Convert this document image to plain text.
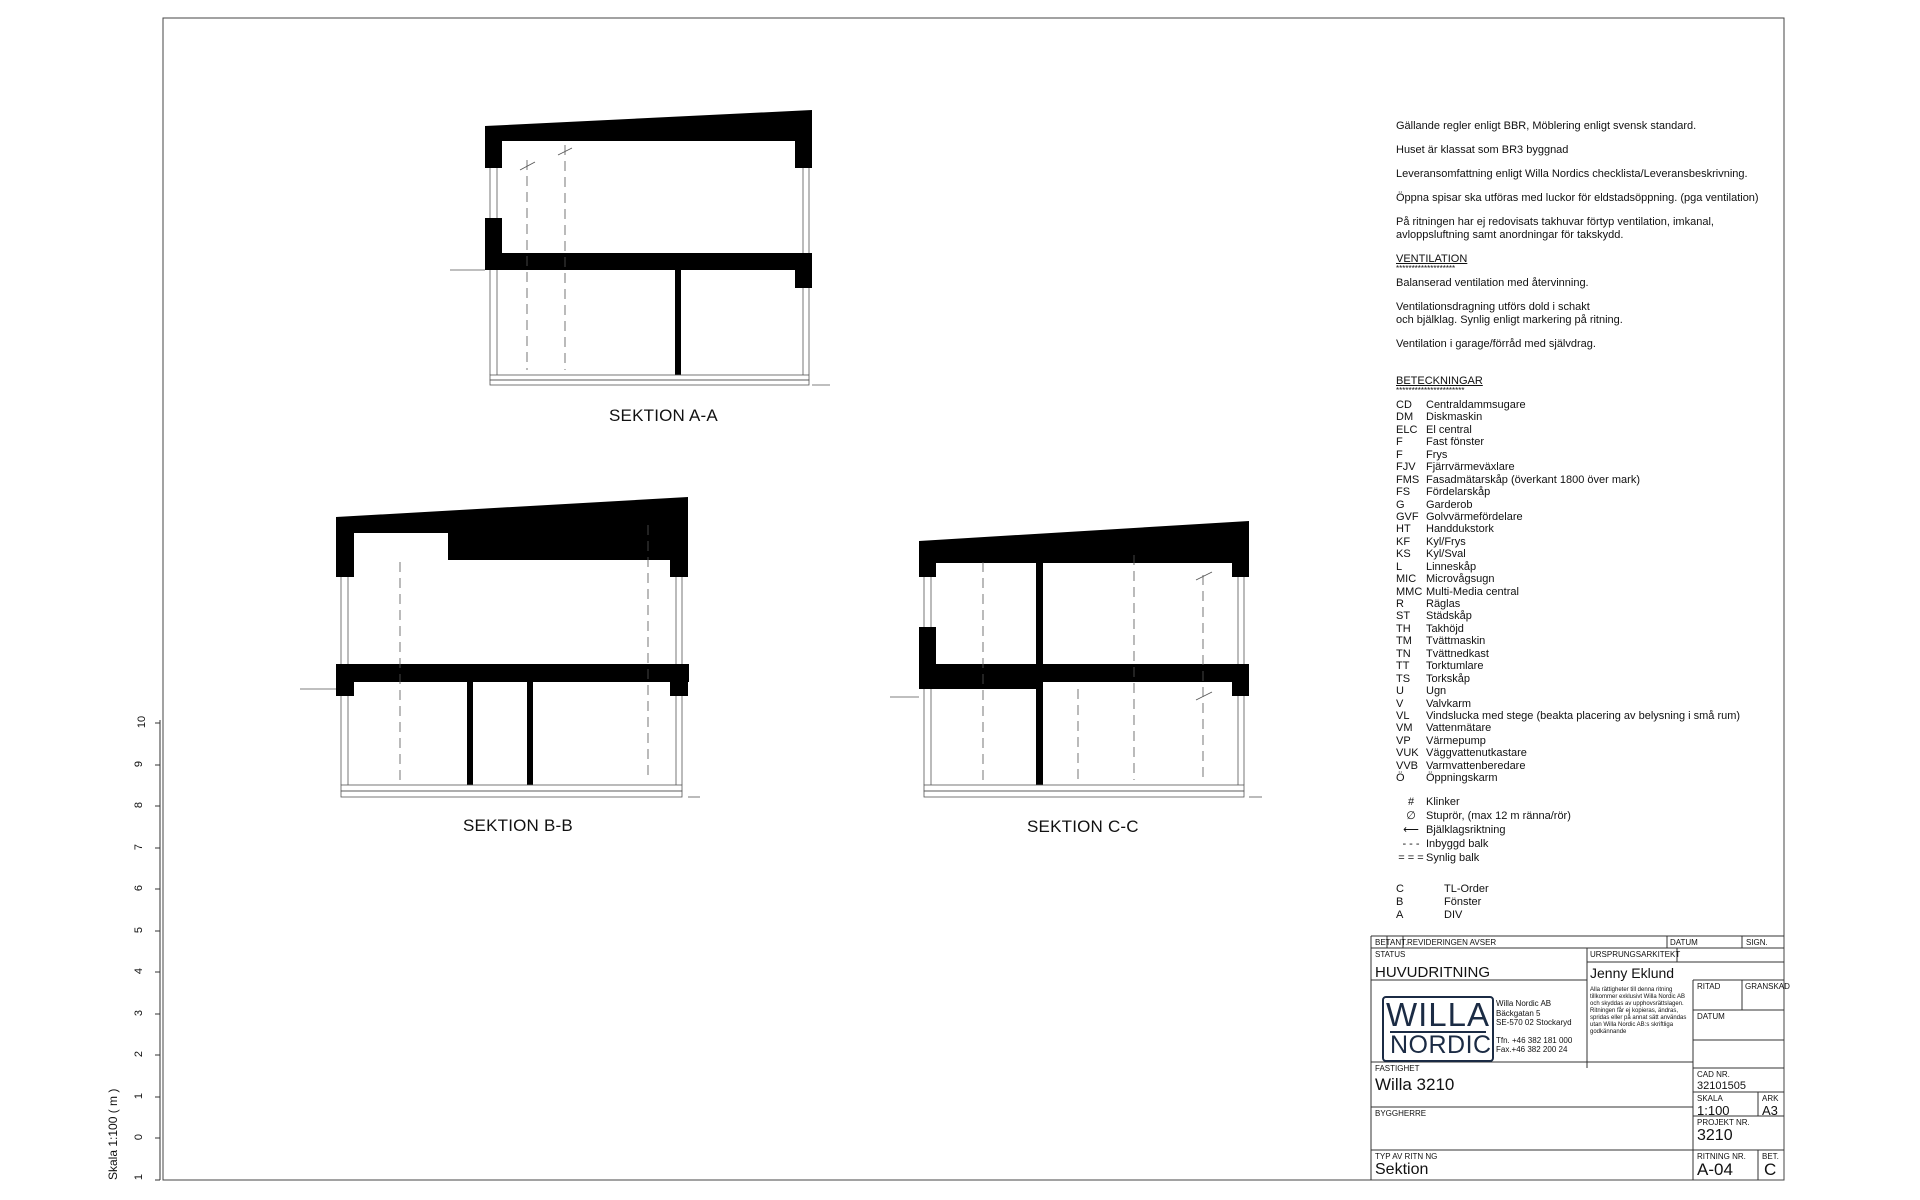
SEKTION A-A
SEKTION B-B	SEKTION C-C

Gällande regler enligt BBR, Möblering enligt svensk standard.

Huset är klassat som BR3 byggnad

Leveransomfattning enligt Willa Nordics checklista/Leveransbeskrivning.

Öppna spisar ska utföras med luckor för eldstadsöppning. (pga ventilation)

På ritningen har ej redovisats takhuvar förtyp ventilation, imkanal,
avloppsluftning samt anordningar för takskydd.

VENTILATION

*******************

Balanserad ventilation med återvinning.

Ventilationsdragning utförs dold i schakt
och bjälklag. Synlig enligt markering på ritning.

Ventilation i garage/förråd med självdrag.

BETECKNINGAR

**********************

CD	Centraldammsugare
DM	Diskmaskin
ELC El central
F	Fast fönster
F	Frys
FJV Fjärrvärmeväxlare
FMS Fasadmätarskåp (överkant 1800 över mark)
FS	Fördelarskåp
G	Garderob
GVF Golvvärmefördelare
HT	Handdukstork
KF	Kyl/Frys
KS	Kyl/Sval
L	Linneskåp
MIC Microvågsugn
MMC Multi-Media central
R	Räglas
ST	Städskåp
TH	Takhöjd
TM	Tvättmaskin
TN	Tvättnedkast
TT	Torktumlare
TS	Torkskåp
U	Ugn
V	Valvkarm
VL	Vindslucka med stege (beakta placering av belysning i små rum)
VM	Vattenmätare
VP	Värmepump
VUK Väggvattenutkastare
VVB Varmvattenberedare
Ö	Öppningskarm
#	Klinker
∅ Stuprör, (max 12 m ränna/rör)
⟵ Bjälklagsriktning
- - - Inbyggd balk
= = = Synlig balk
C	TL-Order
B	Fönster
A	DIV
BET.
ANT. REVIDERINGEN AVSER	DATUM	SIGN.
STATUS
HUVUDRITNING
URSPRUNGSARKITEKT
Jenny Eklund
RITAD	GRANSKAD
DATUM
WILLA
NORDIC
Willa Nordic AB
Bäckgatan 5
SE-570 02 Stockaryd
Tfn. +46 382 181 000
Fax.+46 382 200 24
Alla rättigheter till denna ritning tillkommer exklusivt Willa Nordic AB och skyddas av upphovsrättslagen. Ritningen får ej kopieras, ändras, spridas eller på annat sätt användas utan Willa Nordic AB:s skriftliga godkännande
FASTIGHET
Willa 3210
BYGGHERRE
CAD NR.
32101505
SKALA
1:100
ARK
A3
PROJEKT NR.
3210
TYP AV RITN NG
Sektion
RITNING NR.
A-04
BET.
C
Skala 1:100 ( m )
10
9
8
7
6
5
4
3
2
1
0
1
